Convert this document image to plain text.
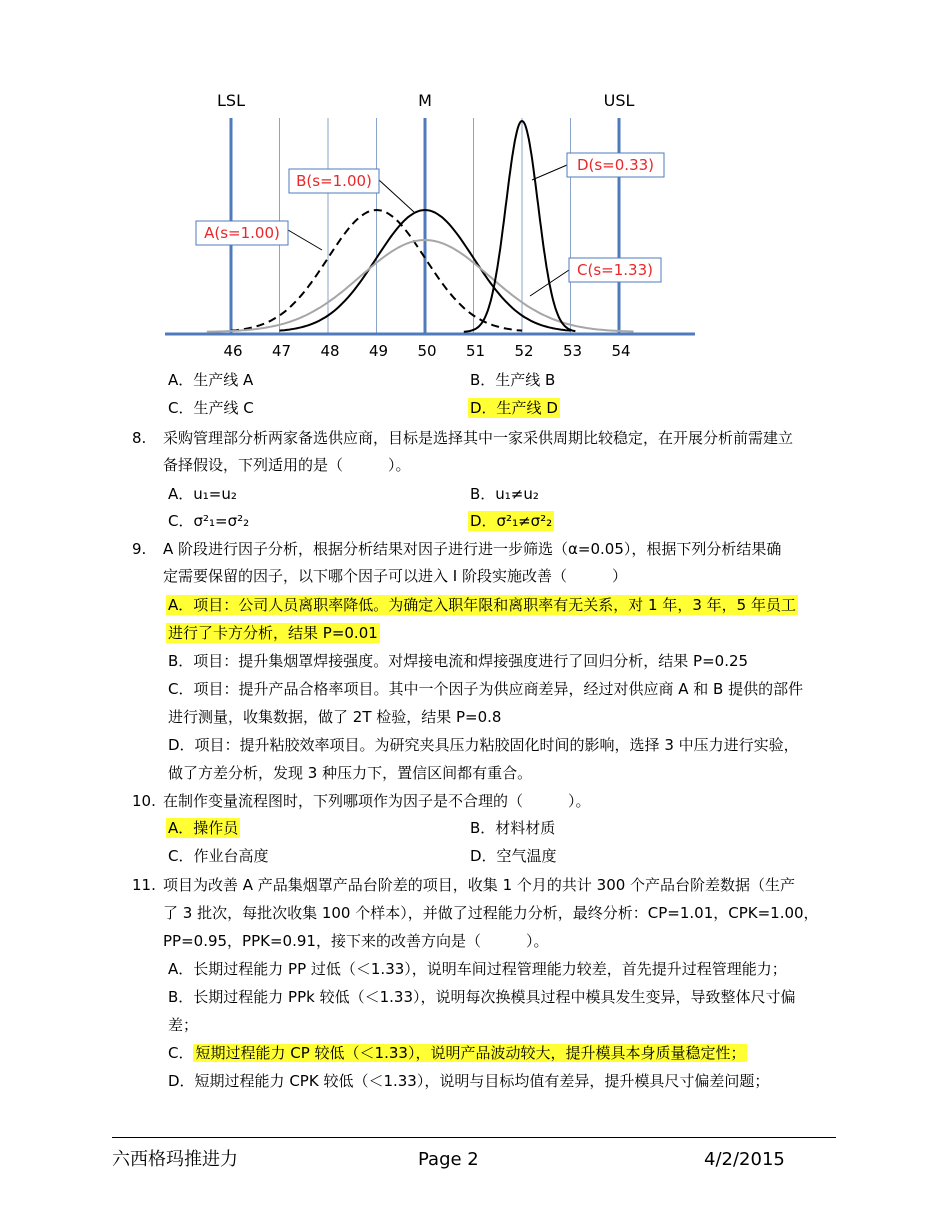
LSL	M	USL
46 47 48 49 50 51 52 53 54
A(s=1.00)
B(s=1.00)
C(s=1.33)
D(s=0.33)
A．生产线 A	B．生产线 B
C．生产线 C	D．生产线 D
8. 采购管理部分析两家备选供应商，目标是选择其中一家采供周期比较稳定，在开展分析前需建立
备择假设，下列适用的是（　　　）。
A．u₁=u₂	B．u₁≠u₂
C．σ²₁=σ²₂	D．σ²₁≠σ²₂
9. A 阶段进行因子分析，根据分析结果对因子进行进一步筛选（α=0.05），根据下列分析结果确
定需要保留的因子，以下哪个因子可以进入 I 阶段实施改善（　　　）
A．项目：公司人员离职率降低。为确定入职年限和离职率有无关系，对 1 年，3 年，5 年员工
进行了卡方分析，结果 P=0.01
B．项目：提升集烟罩焊接强度。对焊接电流和焊接强度进行了回归分析，结果 P=0.25
C．项目：提升产品合格率项目。其中一个因子为供应商差异，经过对供应商 A 和 B 提供的部件
进行测量，收集数据，做了 2T 检验，结果 P=0.8
D．项目：提升粘胶效率项目。为研究夹具压力粘胶固化时间的影响，选择 3 中压力进行实验，
做了方差分析，发现 3 种压力下，置信区间都有重合。
10. 在制作变量流程图时，下列哪项作为因子是不合理的（　　　）。
A．操作员	B．材料材质
C．作业台高度	D．空气温度
11. 项目为改善 A 产品集烟罩产品台阶差的项目，收集 1 个月的共计 300 个产品台阶差数据（生产
了 3 批次，每批次收集 100 个样本），并做了过程能力分析，最终分析：CP=1.01，CPK=1.00，
PP=0.95，PPK=0.91，接下来的改善方向是（　　　）。
A．长期过程能力 PP 过低（＜1.33），说明车间过程管理能力较差，首先提升过程管理能力；
B．长期过程能力 PPk 较低（＜1.33），说明每次换模具过程中模具发生变异，导致整体尺寸偏
差；
C． 短期过程能力 CP 较低（＜1.33），说明产品波动较大，提升模具本身质量稳定性；
D．短期过程能力 CPK 较低（＜1.33），说明与目标均值有差异，提升模具尺寸偏差问题；
六西格玛推进力	Page 2	4/2/2015
